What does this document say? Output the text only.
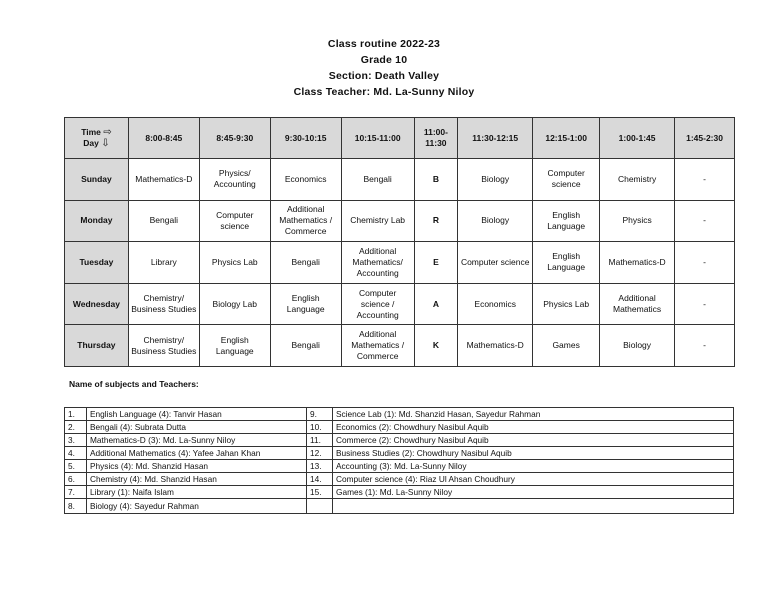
Class routine 2022-23
Grade 10
Section: Death Valley
Class Teacher: Md. La-Sunny Niloy
Time ⇨
Day ⇩	8:00-8:45	8:45-9:30	9:30-10:15	10:15-11:00	11:00-11:30	11:30-12:15	12:15-1:00	1:00-1:45	1:45-2:30
Sunday	Mathematics-D	Physics/ Accounting	Economics	Bengali	B	Biology	Computer science	Chemistry	-
Monday	Bengali	Computer science	Additional Mathematics / Commerce	Chemistry Lab	R	Biology	English Language	Physics	-
Tuesday	Library	Physics Lab	Bengali	Additional Mathematics/ Accounting	E	Computer science	English Language	Mathematics-D	-
Wednesday	Chemistry/ Business Studies	Biology Lab	English Language	Computer science / Accounting	A	Economics	Physics Lab	Additional Mathematics	-
Thursday	Chemistry/ Business Studies	English Language	Bengali	Additional Mathematics / Commerce	K	Mathematics-D	Games	Biology	-
Name of subjects and Teachers:
1.	English Language (4): Tanvir Hasan	9.	Science Lab (1): Md. Shanzid Hasan, Sayedur Rahman
2.	Bengali (4): Subrata Dutta	10.	Economics (2): Chowdhury Nasibul Aquib
3.	Mathematics-D (3): Md. La-Sunny Niloy	11.	Commerce (2): Chowdhury Nasibul Aquib
4.	Additional Mathematics (4): Yafee Jahan Khan	12.	Business Studies (2): Chowdhury Nasibul Aquib
5.	Physics (4): Md. Shanzid Hasan	13.	Accounting (3): Md. La-Sunny Niloy
6.	Chemistry (4): Md. Shanzid Hasan	14.	Computer science (4): Riaz Ul Ahsan Choudhury
7.	Library (1): Naifa Islam	15.	Games (1): Md. La-Sunny Niloy
8.	Biology (4): Sayedur Rahman		
